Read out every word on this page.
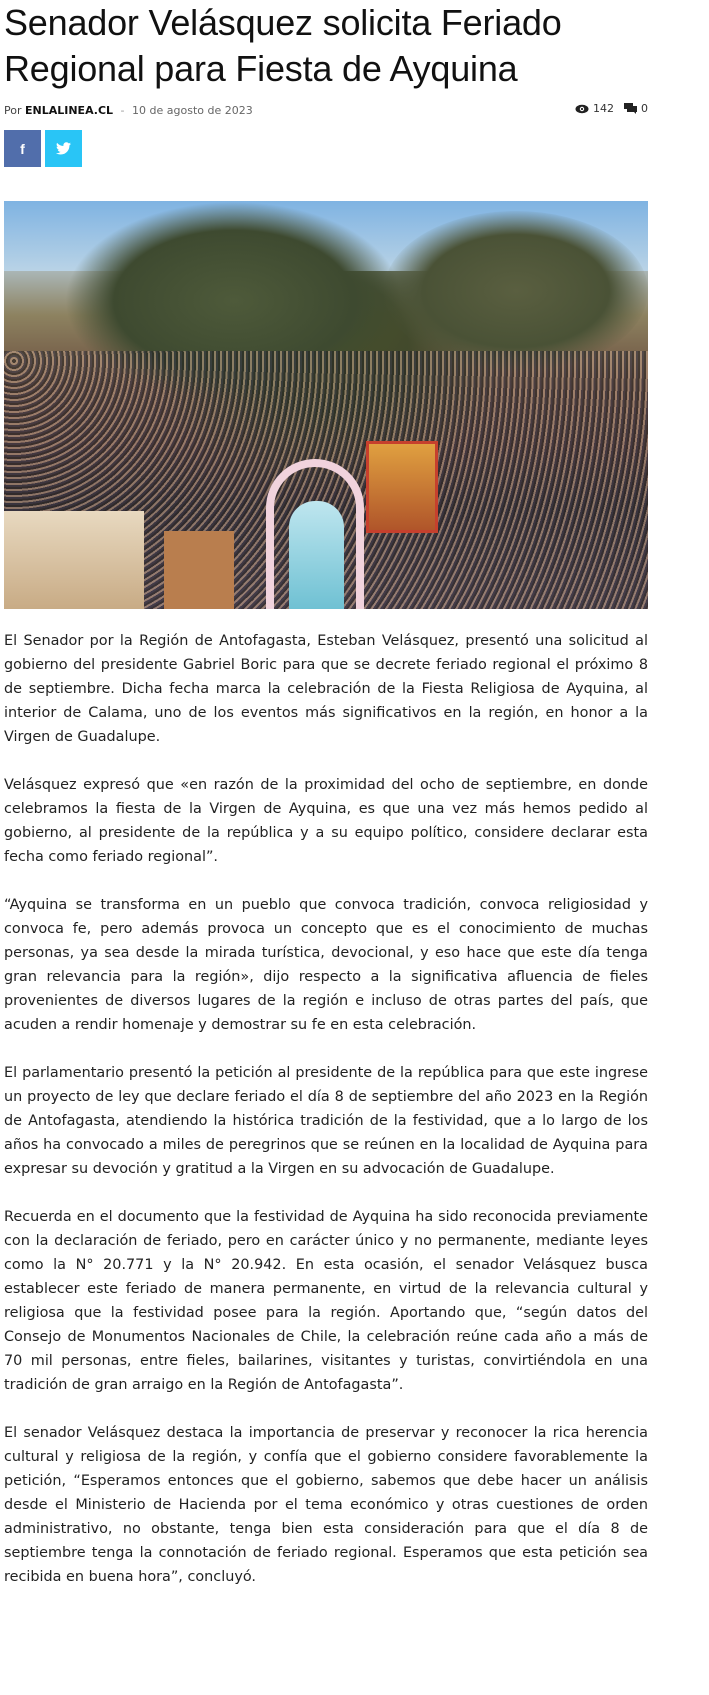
Senador Velásquez solicita Feriado Regional para Fiesta de Ayquina
Por ENLALINEA.CL - 10 de agosto de 2023	142 0
f

El Senador por la Región de Antofagasta, Esteban Velásquez, presentó una solicitud al gobierno del presidente Gabriel Boric para que se decrete feriado regional el próximo 8 de septiembre. Dicha fecha marca la celebración de la Fiesta Religiosa de Ayquina, al interior de Calama, uno de los eventos más significativos en la región, en honor a la Virgen de Guadalupe.

Velásquez expresó que «en razón de la proximidad del ocho de septiembre, en donde celebramos la fiesta de la Virgen de Ayquina, es que una vez más hemos pedido al gobierno, al presidente de la república y a su equipo político, considere declarar esta fecha como feriado regional”.

“Ayquina se transforma en un pueblo que convoca tradición, convoca religiosidad y convoca fe, pero además provoca un concepto que es el conocimiento de muchas personas, ya sea desde la mirada turística, devocional, y eso hace que este día tenga gran relevancia para la región», dijo respecto a la significativa afluencia de fieles provenientes de diversos lugares de la región e incluso de otras partes del país, que acuden a rendir homenaje y demostrar su fe en esta celebración.

El parlamentario presentó la petición al presidente de la república para que este ingrese un proyecto de ley que declare feriado el día 8 de septiembre del año 2023 en la Región de Antofagasta, atendiendo la histórica tradición de la festividad, que a lo largo de los años ha convocado a miles de peregrinos que se reúnen en la localidad de Ayquina para expresar su devoción y gratitud a la Virgen en su advocación de Guadalupe.

Recuerda en el documento que la festividad de Ayquina ha sido reconocida previamente con la declaración de feriado, pero en carácter único y no permanente, mediante leyes como la N° 20.771 y la N° 20.942. En esta ocasión, el senador Velásquez busca establecer este feriado de manera permanente, en virtud de la relevancia cultural y religiosa que la festividad posee para la región. Aportando que, “según datos del Consejo de Monumentos Nacionales de Chile, la celebración reúne cada año a más de 70 mil personas, entre fieles, bailarines, visitantes y turistas, convirtiéndola en una tradición de gran arraigo en la Región de Antofagasta”.

El senador Velásquez destaca la importancia de preservar y reconocer la rica herencia cultural y religiosa de la región, y confía que el gobierno considere favorablemente la petición, “Esperamos entonces que el gobierno, sabemos que debe hacer un análisis desde el Ministerio de Hacienda por el tema económico y otras cuestiones de orden administrativo, no obstante, tenga bien esta consideración para que el día 8 de septiembre tenga la connotación de feriado regional. Esperamos que esta petición sea recibida en buena hora”, concluyó.
